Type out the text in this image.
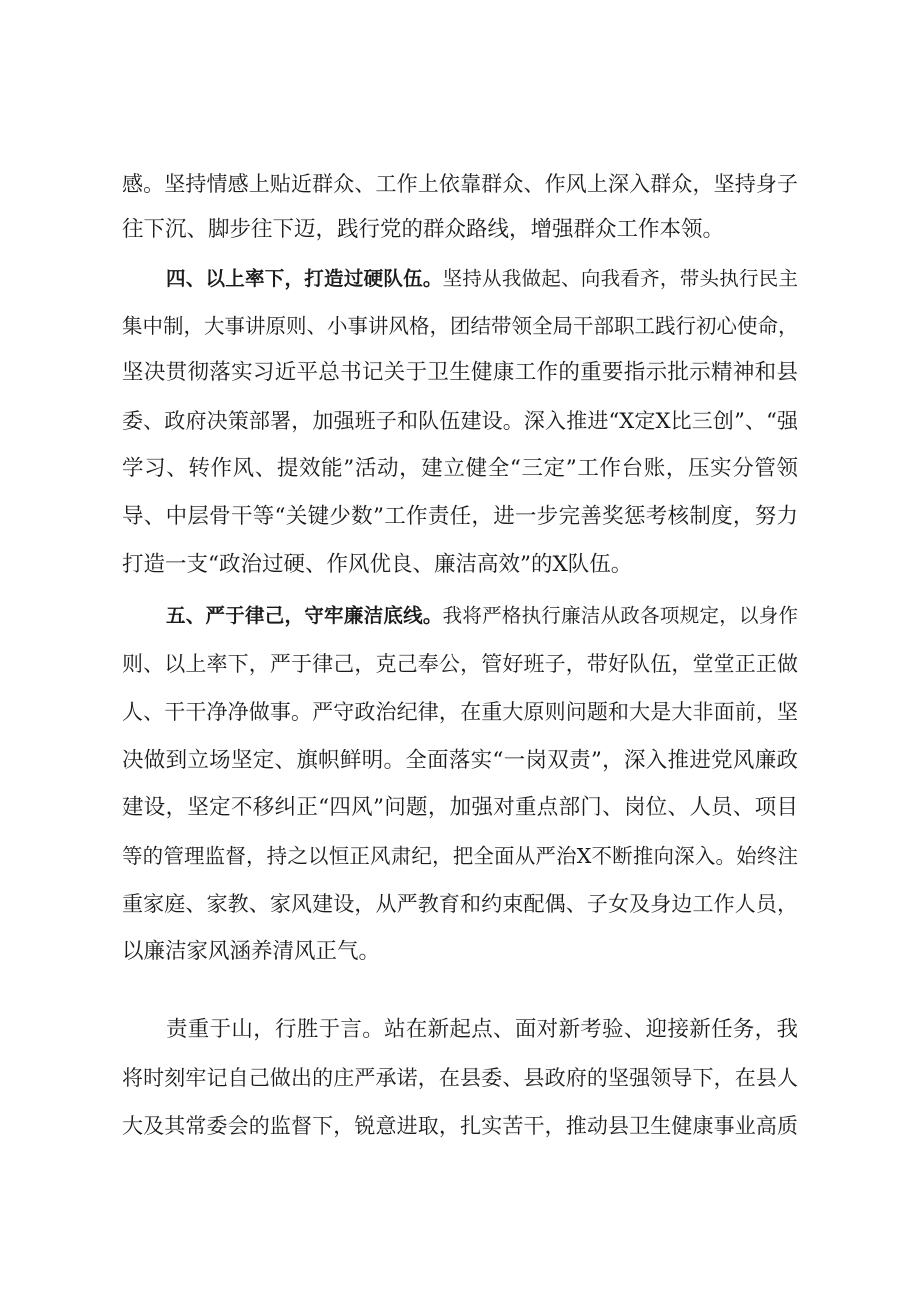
感。坚持情感上贴近群众、工作上依靠群众、作风上深入群众，坚持身子
往下沉、脚步往下迈，践行党的群众路线，增强群众工作本领。
四、以上率下，打造过硬队伍。坚持从我做起、向我看齐，带头执行民主
集中制，大事讲原则、小事讲风格，团结带领全局干部职工践行初心使命，
坚决贯彻落实习近平总书记关于卫生健康工作的重要指示批示精神和县
委、政府决策部署，加强班子和队伍建设。深入推进“X定X比三创”、“强
学习、转作风、提效能”活动，建立健全“三定”工作台账，压实分管领
导、中层骨干等“关键少数”工作责任，进一步完善奖惩考核制度，努力
打造一支“政治过硬、作风优良、廉洁高效”的X队伍。
五、严于律己，守牢廉洁底线。我将严格执行廉洁从政各项规定，以身作
则、以上率下，严于律己，克己奉公，管好班子，带好队伍，堂堂正正做
人、干干净净做事。严守政治纪律，在重大原则问题和大是大非面前，坚
决做到立场坚定、旗帜鲜明。全面落实“一岗双责”，深入推进党风廉政
建设，坚定不移纠正“四风”问题，加强对重点部门、岗位、人员、项目
等的管理监督，持之以恒正风肃纪，把全面从严治X不断推向深入。始终注
重家庭、家教、家风建设，从严教育和约束配偶、子女及身边工作人员，
以廉洁家风涵养清风正气。
责重于山，行胜于言。站在新起点、面对新考验、迎接新任务，我
将时刻牢记自己做出的庄严承诺，在县委、县政府的坚强领导下，在县人
大及其常委会的监督下，锐意进取，扎实苦干，推动县卫生健康事业高质
